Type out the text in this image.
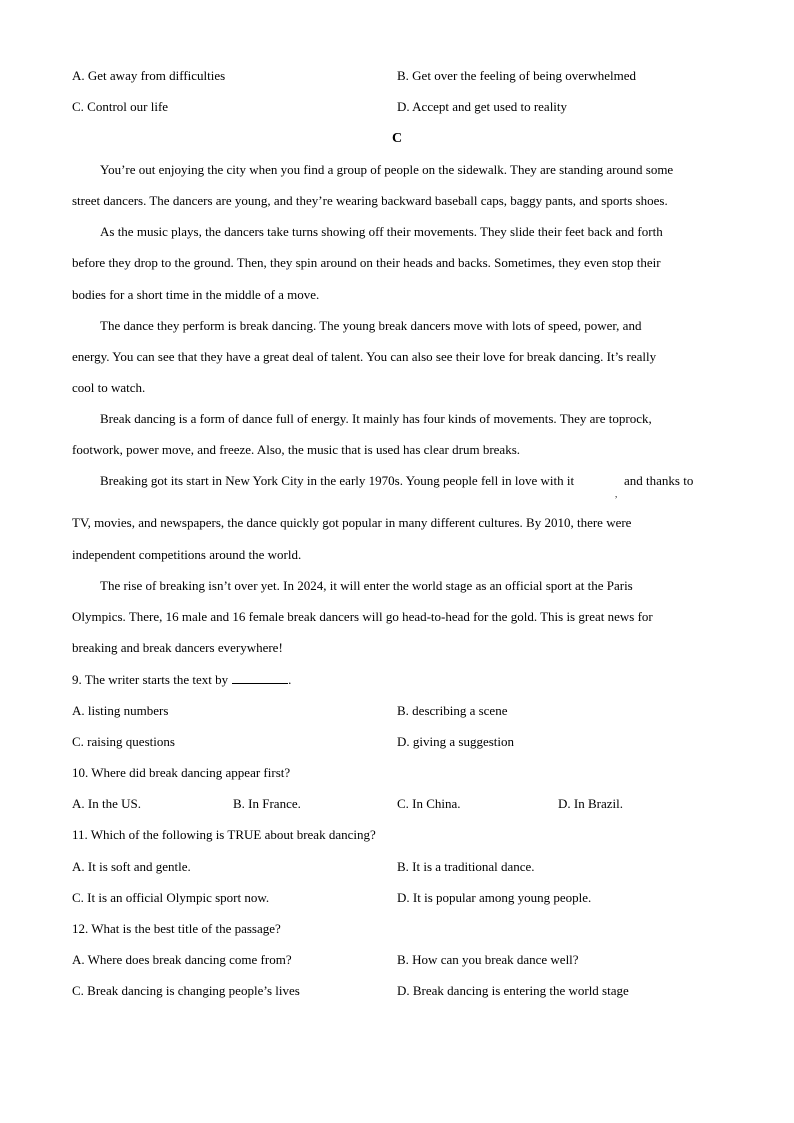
A. Get away from difficulties	B. Get over the feeling of being overwhelmed
C. Control our life	D. Accept and get used to reality
C
You’re out enjoying the city when you find a group of people on the sidewalk. They are standing around some
street dancers. The dancers are young, and they’re wearing backward baseball caps, baggy pants, and sports shoes.
As the music plays, the dancers take turns showing off their movements. They slide their feet back and forth
before they drop to the ground. Then, they spin around on their heads and backs. Sometimes, they even stop their
bodies for a short time in the middle of a move.
The dance they perform is break dancing. The young break dancers move with lots of speed, power, and
energy. You can see that they have a great deal of talent. You can also see their love for break dancing. It’s really
cool to watch.
Break dancing is a form of dance full of energy. It mainly has four kinds of movements. They are toprock,
footwork, power move, and freeze. Also, the music that is used has clear drum breaks.
Breaking got its start in New York City in the early 1970s. Young people fell in love with it
,
and thanks to
TV, movies, and newspapers, the dance quickly got popular in many different cultures. By 2010, there were
independent competitions around the world.
The rise of breaking isn’t over yet. In 2024, it will enter the world stage as an official sport at the Paris
Olympics. There, 16 male and 16 female break dancers will go head-to-head for the gold. This is great news for
breaking and break dancers everywhere!
9. The writer starts the text by	.
A. listing numbers	B. describing a scene
C. raising questions	D. giving a suggestion
10. Where did break dancing appear first?
A. In the US.	B. In France.	C. In China.	D. In Brazil.
11. Which of the following is TRUE about break dancing?
A. It is soft and gentle.	B. It is a traditional dance.
C. It is an official Olympic sport now.	D. It is popular among young people.
12. What is the best title of the passage?
A. Where does break dancing come from?	B. How can you break dance well?
C. Break dancing is changing people’s lives	D. Break dancing is entering the world stage
